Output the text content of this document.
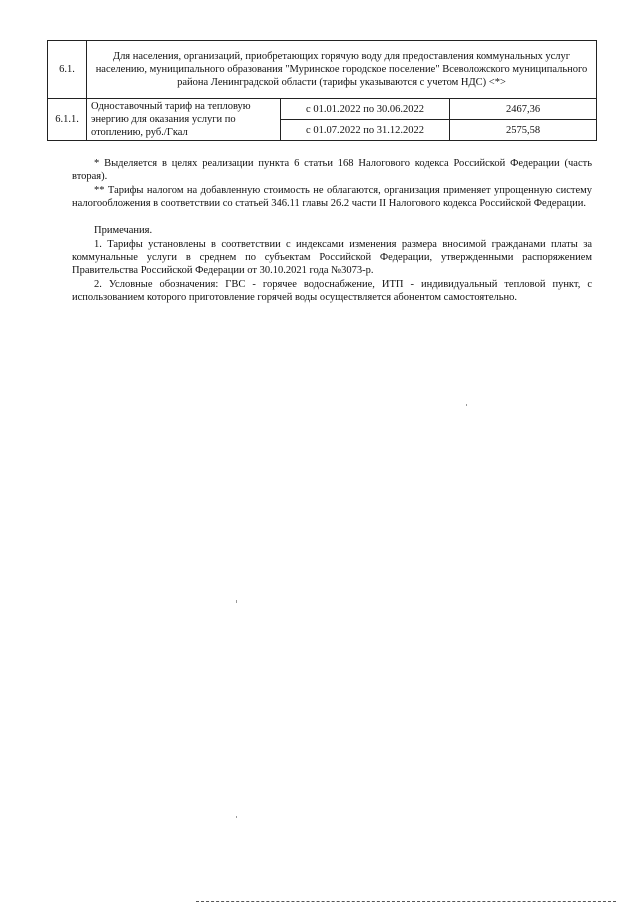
6.1.	Для населения, организаций, приобретающих горячую воду для предоставления коммунальных услуг населению, муниципального образования "Муринское городское поселение" Всеволожского муниципального района Ленинградской области (тарифы указываются с учетом НДС) <*>		
6.1.1.	Одноставочный тариф на тепловую энергию для оказания услуги по отоплению, руб./Гкал	с 01.01.2022 по 30.06.2022	2467,36
		с 01.07.2022 по 31.12.2022	2575,58

* Выделяется в целях реализации пункта 6 статьи 168 Налогового кодекса Российской Федерации (часть вторая).

** Тарифы налогом на добавленную стоимость не облагаются, организация применяет упрощенную систему налогообложения в соответствии со статьей 346.11 главы 26.2 части II Налогового кодекса Российской Федерации.

Примечания.

1. Тарифы установлены в соответствии с индексами изменения размера вносимой гражданами платы за коммунальные услуги в среднем по субъектам Российской Федерации, утвержденными распоряжением Правительства Российской Федерации от 30.10.2021 года №3073-р.

2. Условные обозначения: ГВС - горячее водоснабжение, ИТП - индивидуальный тепловой пункт, с использованием которого приготовление горячей воды осуществляется абонентом самостоятельно.
